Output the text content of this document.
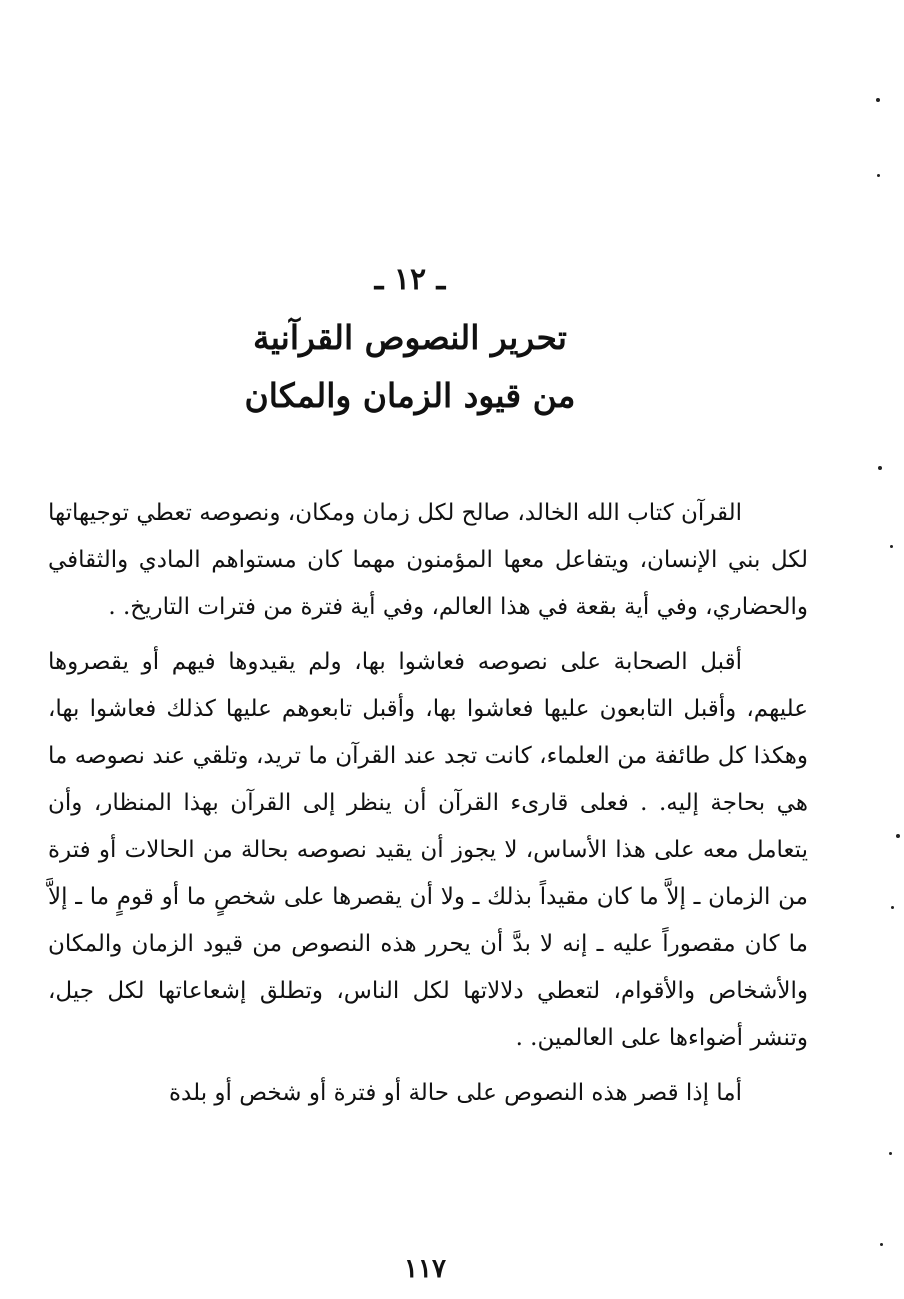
ـ ١٢ ـ
تحرير النصوص القرآنية
من قيود الزمان والمكان

القرآن كتاب الله الخالد، صالح لكل زمان ومكان، ونصوصه تعطي توجيهاتها لكل بني الإنسان، ويتفاعل معها المؤمنون مهما كان مستواهم المادي والثقافي والحضاري، وفي أية بقعة في هذا العالم، وفي أية فترة من فترات التاريخ. .

أقبل الصحابة على نصوصه فعاشوا بها، ولم يقيدوها فيهم أو يقصروها عليهم، وأقبل التابعون عليها فعاشوا بها، وأقبل تابعوهم عليها كذلك فعاشوا بها، وهكذا كل طائفة من العلماء، كانت تجد عند القرآن ما تريد، وتلقي عند نصوصه ما هي بحاجة إليه. . فعلى قارىء القرآن أن ينظر إلى القرآن بهذا المنظار، وأن يتعامل معه على هذا الأساس، لا يجوز أن يقيد نصوصه بحالة من الحالات أو فترة من الزمان ـ إلاَّ ما كان مقيداً بذلك ـ ولا أن يقصرها على شخصٍ ما أو قومٍ ما ـ إلاَّ ما كان مقصوراً عليه ـ إنه لا بدَّ أن يحرر هذه النصوص من قيود الزمان والمكان والأشخاص والأقوام، لتعطي دلالاتها لكل الناس، وتطلق إشعاعاتها لكل جيل، وتنشر أضواءها على العالمين. .

أما إذا قصر هذه النصوص على حالة أو فترة أو شخص أو بلدة

١١٧
